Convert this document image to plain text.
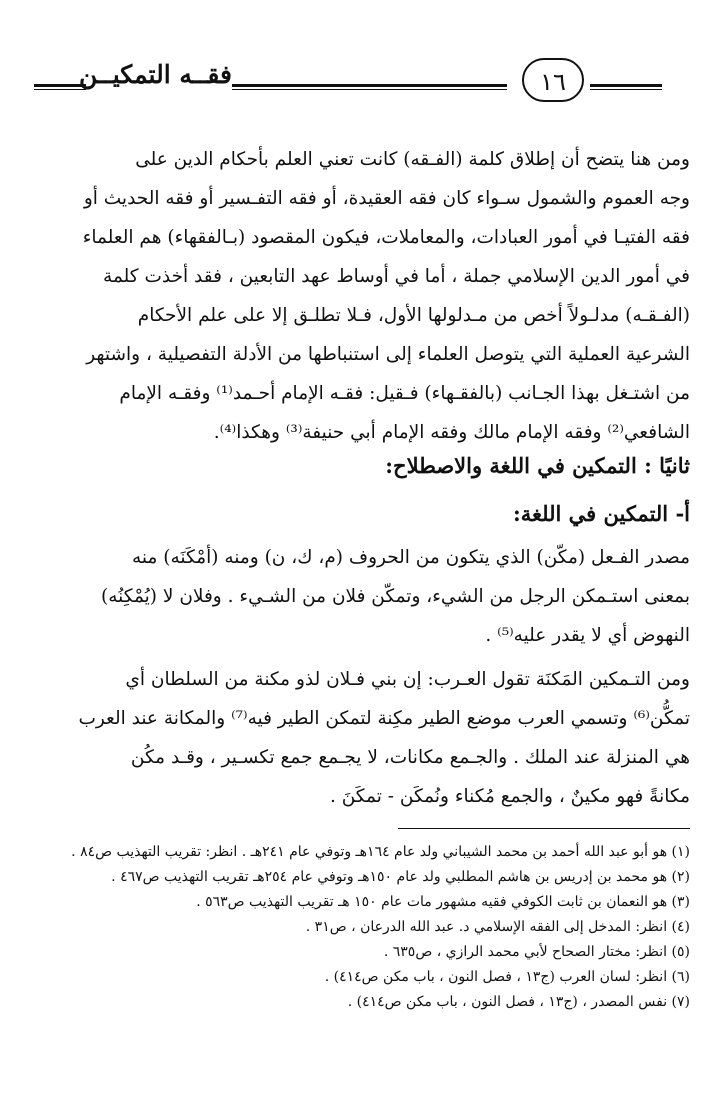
فقــه التمكيــن	١٦
ومن هنا يتضح أن إطلاق كلمة (الفـقه) كانت تعني العلم بأحكام الدين على
وجه العموم والشمول سـواء كان فقه العقيدة، أو فقه التفـسير أو فقه الحديث أو
فقه الفتيـا في أمور العبادات، والمعاملات، فيكون المقصود (بـالفقهاء) هم العلماء
في أمور الدين الإسلامي جملة ، أما في أوساط عهد التابعين ، فقد أخذت كلمة
(الفـقـه) مدلـولاً أخص من مـدلولها الأول، فـلا تطلـق إلا على علم الأحكام
الشرعية العملية التي يتوصل العلماء إلى استنباطها من الأدلة التفصيلية ، واشتهر
من اشتـغل بهذا الجـانب (بالفقـهاء) فـقيل: فقـه الإمام أحـمد⁽¹⁾ وفقـه الإمام
الشافعي⁽²⁾ وفقه الإمام مالك وفقه الإمام أبي حنيفة⁽³⁾ وهكذا⁽⁴⁾.
ثانيًا : التمكين في اللغة والاصطلاح:
أ- التمكين في اللغة:
مصدر الفـعل (مكّن) الذي يتكون من الحروف (م، ك، ن) ومنه (أمْكَنَه) منه
بمعنى استـمكن الرجل من الشيء، وتمكّن فلان من الشـيء . وفلان لا (يُمْكِنُه)
النهوض أي لا يقدر عليه⁽⁵⁾ .
ومن التـمكين المَكنَة تقول العـرب: إن بني فـلان لذو مكنة من السلطان أي
تمكُّن⁽⁶⁾ وتسمي العرب موضع الطير مكِنة لتمكن الطير فيه⁽⁷⁾ والمكانة عند العرب
هي المنزلة عند الملك . والجـمع مكانات، لا يجـمع جمع تكسـير ، وقـد مكُن
مكانةً فهو مكينٌ ، والجمع مُكناء ونُمكَن - تمكَنَ .
(١) هو أبو عبد الله أحمد بن محمد الشيباني ولد عام ١٦٤هـ وتوفي عام ٢٤١هـ . انظر: تقريب التهذيب ص٨٤ .
(٢) هو محمد بن إدريس بن هاشم المطلبي ولد عام ١٥٠هـ وتوفي عام ٢٥٤هـ تقريب التهذيب ص٤٦٧ .
(٣) هو النعمان بن ثابت الكوفي فقيه مشهور مات عام ١٥٠ هـ تقريب التهذيب ص٥٦٣ .
(٤) انظر: المدخل إلى الفقه الإسلامي د. عبد الله الدرعان ، ص٣١ .
(٥) انظر: مختار الصحاح لأبي محمد الرازي ، ص٦٣٥ .
(٦) انظر: لسان العرب (ج١٣ ، فصل النون ، باب مكن ص٤١٤) .
(٧) نفس المصدر ، (ج١٣ ، فصل النون ، باب مكن ص٤١٤) .
